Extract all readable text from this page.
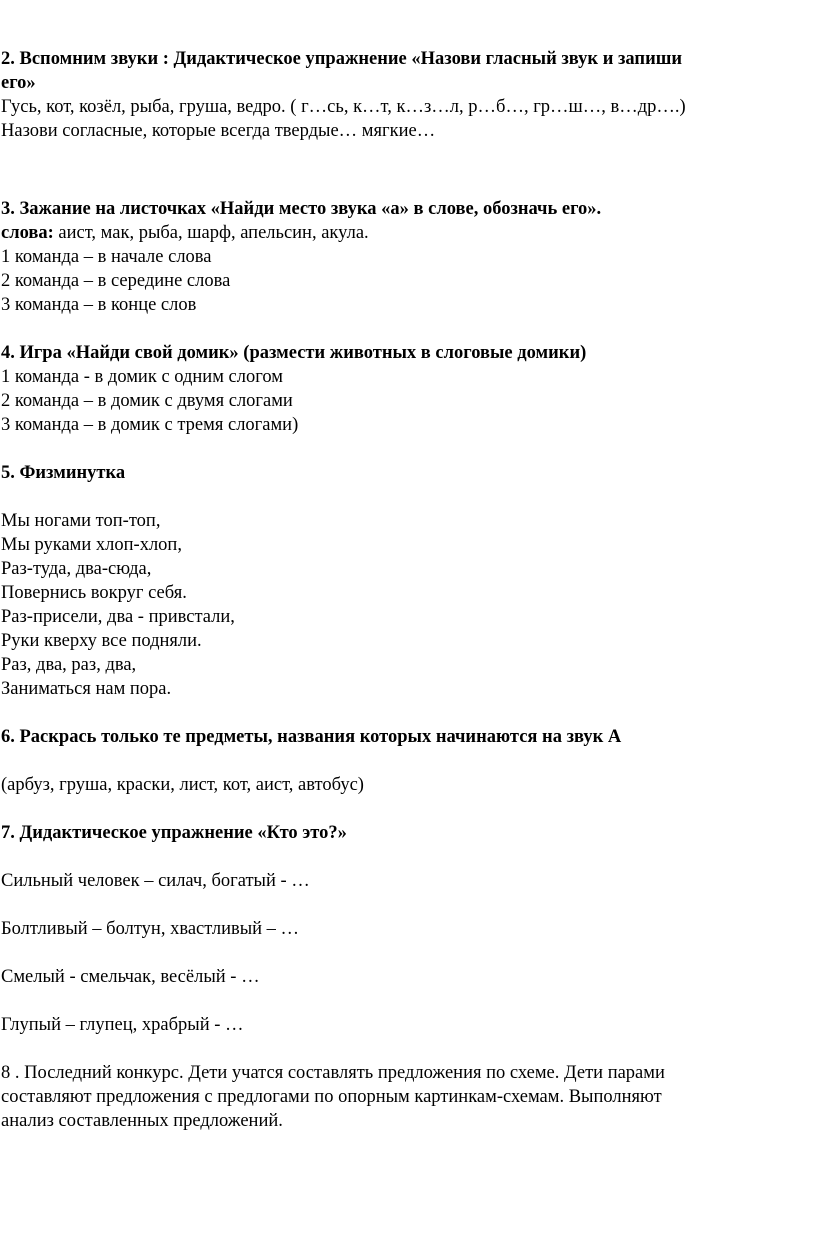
2. Вспомним звуки : Дидактическое упражнение «Назови гласный звук и запиши
его»
Гусь, кот, козёл, рыба, груша, ведро. ( г…сь, к…т, к…з…л, р…б…, гр…ш…, в…др….)
Назови согласные, которые всегда твердые… мягкие…
3. Зажание на листочках «Найди место звука «а» в слове, обозначь его».
слова: аист, мак, рыба, шарф, апельсин, акула.
1 команда – в начале слова
2 команда – в середине слова
3 команда – в конце слов
4. Игра «Найди свой домик» (размести животных в слоговые домики)
1 команда - в домик с одним слогом
2 команда – в домик с двумя слогами
3 команда – в домик с тремя слогами)
5. Физминутка
Мы ногами топ-топ,
Мы руками хлоп-хлоп,
Раз-туда, два-сюда,
Повернись вокруг себя.
Раз-присели, два - привстали,
Руки кверху все подняли.
Раз, два, раз, два,
Заниматься нам пора.
6. Раскрась только те предметы, названия которых начинаются на звук А
(арбуз, груша, краски, лист, кот, аист, автобус)
7. Дидактическое упражнение «Кто это?»
Сильный человек – силач, богатый - …
Болтливый – болтун, хвастливый – …
Смелый - смельчак, весёлый - …
Глупый – глупец, храбрый - …
8 . Последний конкурс. Дети учатся составлять предложения по схеме. Дети парами
составляют предложения с предлогами по опорным картинкам-схемам. Выполняют
анализ составленных предложений.
